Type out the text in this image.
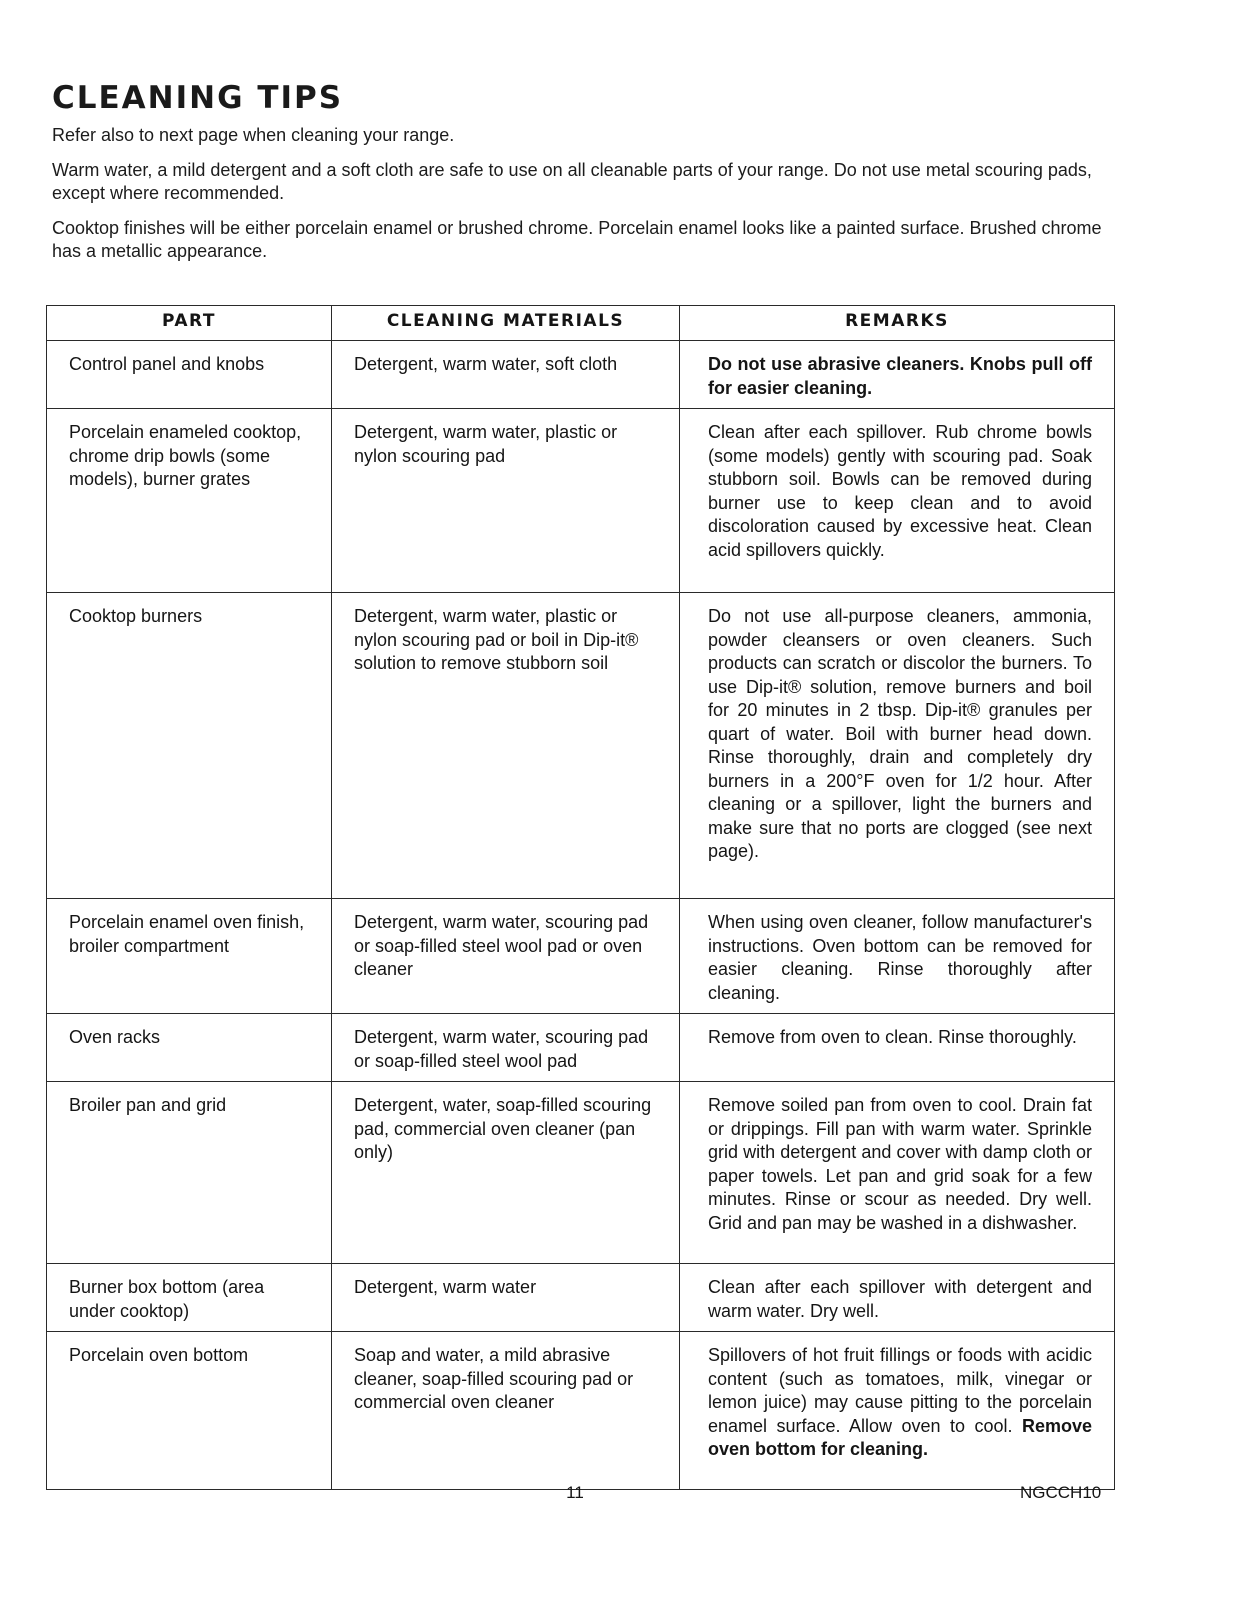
CLEANING TIPS

Refer also to next page when cleaning your range.

Warm water, a mild detergent and a soft cloth are safe to use on all cleanable parts of your range. Do not use metal scouring pads, except where recommended.

Cooktop finishes will be either porcelain enamel or brushed chrome. Porcelain enamel looks like a painted surface. Brushed chrome has a metallic appearance.

PART	CLEANING MATERIALS	REMARKS
Control panel and knobs	Detergent, warm water, soft cloth	Do not use abrasive cleaners. Knobs pull off for easier cleaning.
Porcelain enameled cooktop, chrome drip bowls (some models), burner grates	Detergent, warm water, plastic or nylon scouring pad	Clean after each spillover. Rub chrome bowls (some models) gently with scouring pad. Soak stubborn soil. Bowls can be removed during burner use to keep clean and to avoid discoloration caused by excessive heat. Clean acid spillovers quickly.
Cooktop burners	Detergent, warm water, plastic or nylon scouring pad or boil in Dip-it® solution to remove stubborn soil	Do not use all-purpose cleaners, ammonia, powder cleansers or oven cleaners. Such products can scratch or discolor the burners. To use Dip-it® solution, remove burners and boil for 20 minutes in 2 tbsp. Dip-it® granules per quart of water. Boil with burner head down. Rinse thoroughly, drain and completely dry burners in a 200°F oven for 1/2 hour. After cleaning or a spillover, light the burners and make sure that no ports are clogged (see next page).
Porcelain enamel oven finish, broiler compartment	Detergent, warm water, scouring pad or soap-filled steel wool pad or oven cleaner	When using oven cleaner, follow manufacturer's instructions. Oven bottom can be removed for easier cleaning. Rinse thoroughly after cleaning.
Oven racks	Detergent, warm water, scouring pad or soap-filled steel wool pad	Remove from oven to clean. Rinse thoroughly.
Broiler pan and grid	Detergent, water, soap-filled scouring pad, commercial oven cleaner (pan only)	Remove soiled pan from oven to cool. Drain fat or drippings. Fill pan with warm water. Sprinkle grid with detergent and cover with damp cloth or paper towels. Let pan and grid soak for a few minutes. Rinse or scour as needed. Dry well. Grid and pan may be washed in a dishwasher.
Burner box bottom (area under cooktop)	Detergent, warm water	Clean after each spillover with detergent and warm water. Dry well.
Porcelain oven bottom	Soap and water, a mild abrasive cleaner, soap-filled scouring pad or commercial oven cleaner	Spillovers of hot fruit fillings or foods with acidic content (such as tomatoes, milk, vinegar or lemon juice) may cause pitting to the porcelain enamel surface. Allow oven to cool. Remove oven bottom for cleaning.
11	NGCCH10
